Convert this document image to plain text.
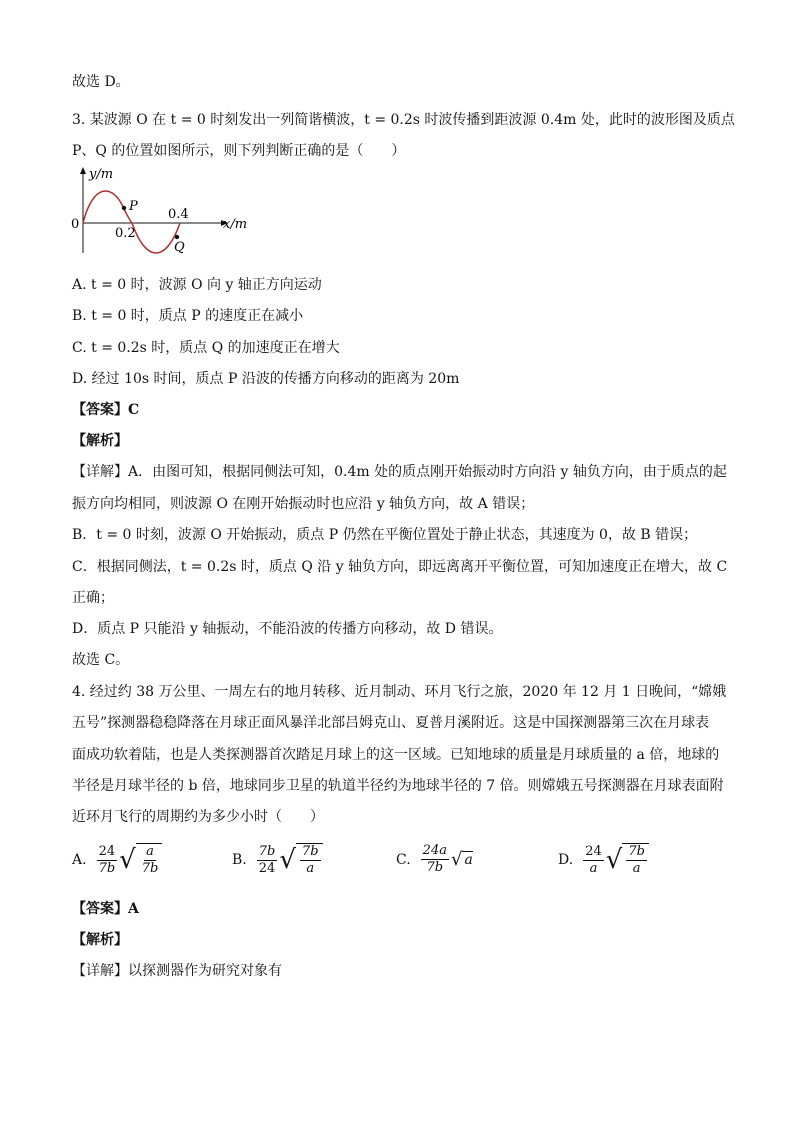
故选 D。
3. 某波源 O 在 t = 0 时刻发出一列简谐横波，t = 0.2s 时波传播到距波源 0.4m 处，此时的波形图及质点
P、Q 的位置如图所示，则下列判断正确的是（　　）
y/m
x/m
0
0.2
0.4
P
Q
A. t = 0 时，波源 O 向 y 轴正方向运动
B. t = 0 时，质点 P 的速度正在减小
C. t = 0.2s 时，质点 Q 的加速度正在增大
D. 经过 10s 时间，质点 P 沿波的传播方向移动的距离为 20m
【答案】C
【解析】
【详解】A．由图可知，根据同侧法可知，0.4m 处的质点刚开始振动时方向沿 y 轴负方向，由于质点的起
振方向均相同，则波源 O 在刚开始振动时也应沿 y 轴负方向，故 A 错误；
B．t = 0 时刻，波源 O 开始振动，质点 P 仍然在平衡位置处于静止状态，其速度为 0，故 B 错误；
C．根据同侧法，t = 0.2s 时，质点 Q 沿 y 轴负方向，即远离离开平衡位置，可知加速度正在增大，故 C
正确；
D．质点 P 只能沿 y 轴振动，不能沿波的传播方向移动，故 D 错误。
故选 C。
4. 经过约 38 万公里、一周左右的地月转移、近月制动、环月飞行之旅，2020 年 12 月 1 日晚间，“嫦娥
五号”探测器稳稳降落在月球正面风暴洋北部吕姆克山、夏普月溪附近。这是中国探测器第三次在月球表
面成功软着陆，也是人类探测器首次踏足月球上的这一区域。已知地球的质量是月球质量的 a 倍，地球的
半径是月球半径的 b 倍，地球同步卫星的轨道半径约为地球半径的 7 倍。则嫦娥五号探测器在月球表面附
近环月飞行的周期约为多少小时（　　）
A. $\frac{24}{7b}$ √ $\frac{a}{7b}$	B. $\frac{7b}{24}$ √ $\frac{7b}{a}$	C. $\frac{24a}{7b}$ √ a	D. $\frac{24}{a}$ √ $\frac{7b}{a}$
【答案】A
【解析】
【详解】以探测器作为研究对象有
